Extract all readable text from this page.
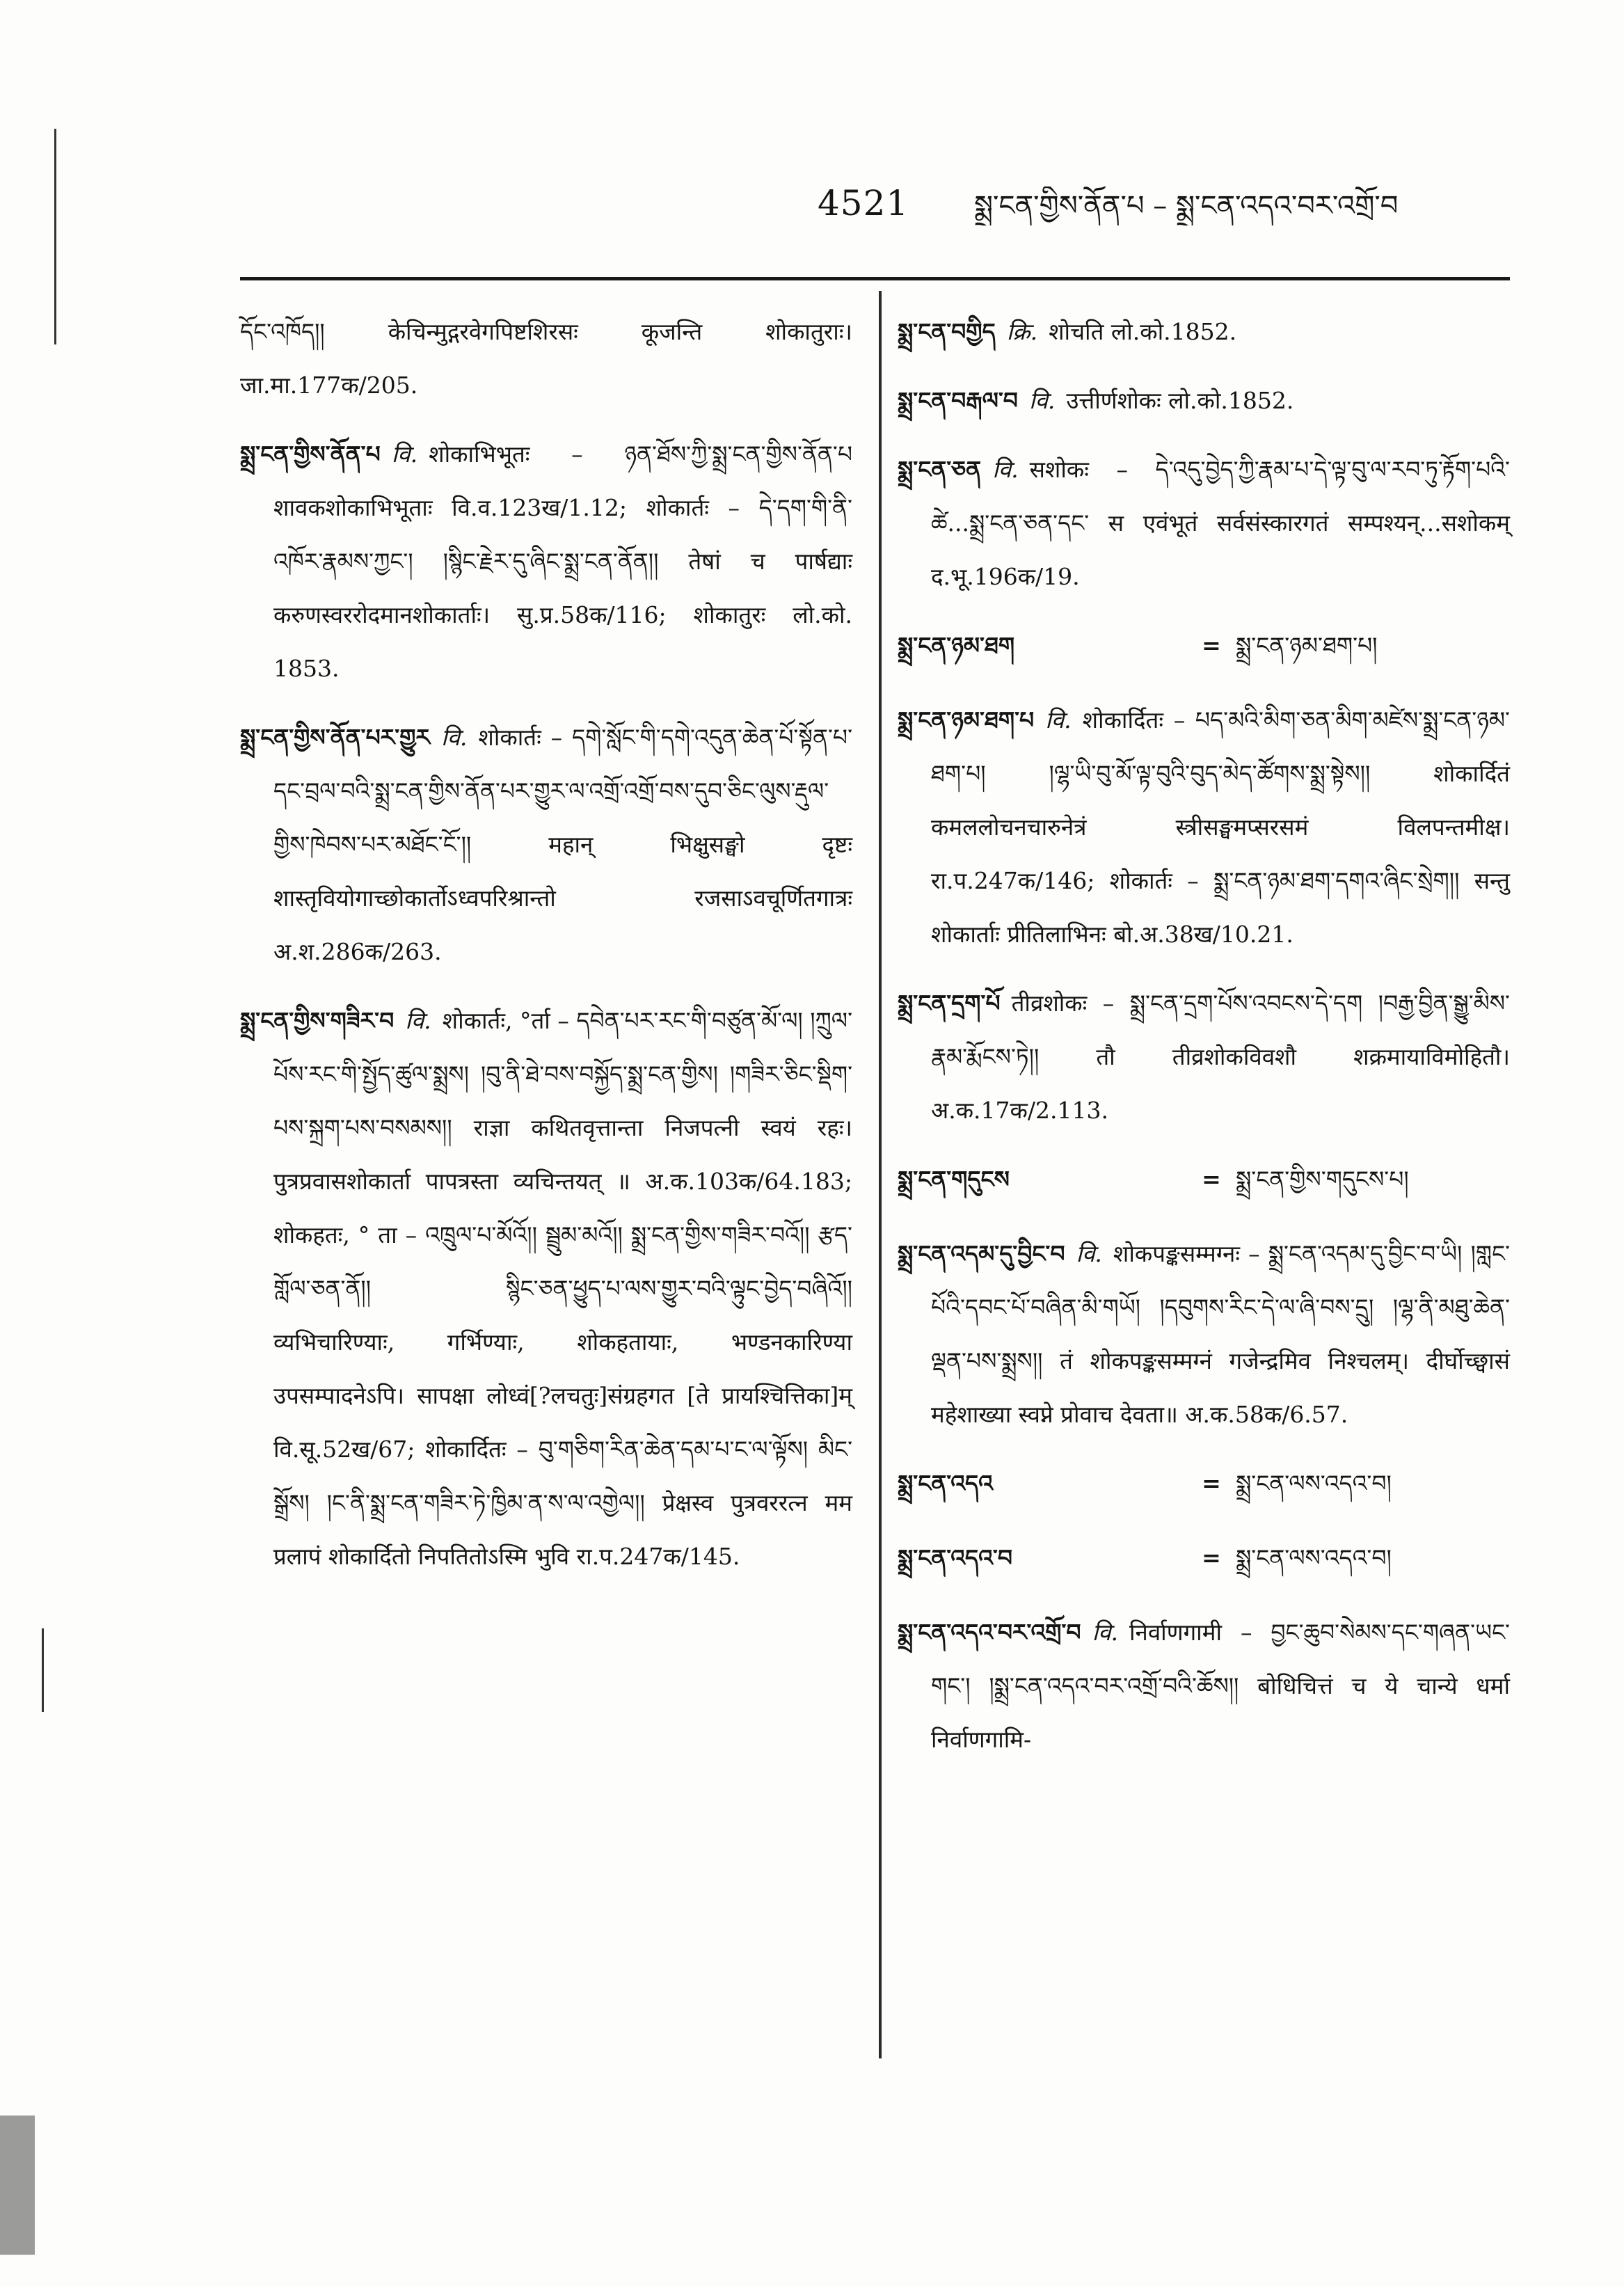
4521 སྨྲ་ངན་གྱིས་ནོན་པ – སྨྲ་ངན་འདའ་བར་འགྲོ་བ
དོང་འཁོད།། केचिन्मुद्गरवेगपिष्टशिरसः कूजन्ति शोकातुराः। जा.मा.177क/205.
སྨྲ་ངན་གྱིས་ནོན་པ वि. शोकाभिभूतः – ཉན་ཐོས་ཀྱི་སྨྲ་ངན་གྱིས་ནོན་པ शावकशोकाभिभूताः वि.व.123ख/1.12; शोकार्तः – དེ་དག་གི་ནི་འཁོར་རྣམས་ཀྱང་། །སྙིང་རྗེར་དུ་ཞིང་སྨྲ་ངན་ནོན།། तेषां च पार्षद्याः करुणस्वररोदमानशोकार्ताः। सु.प्र.58क/116; शोकातुरः लो.को. 1853.
སྨྲ་ངན་གྱིས་ནོན་པར་གྱུར वि. शोकार्तः – དགེ་སློང་གི་དགེ་འདུན་ཆེན་པོ་སྟོན་པ་དང་བྲལ་བའི་སྨྲ་ངན་གྱིས་ནོན་པར་གྱུར་ལ་འགྲོ་འགྲོ་བས་དུབ་ཅིང་ལུས་རྡུལ་གྱིས་ཁེབས་པར་མཐོང་ངོ་།། महान् भिक्षुसङ्घो दृष्टः शास्तृवियोगाच्छोकार्तोऽध्वपरिश्रान्तो रजसाऽवचूर्णितगात्रः अ.श.286क/263.
སྨྲ་ངན་གྱིས་གཟིར་བ वि. शोकार्तः, °र्ता – དབེན་པར་རང་གི་བཙུན་མོ་ལ། །ཀྲུལ་པོས་རང་གི་སྤྱོད་ཚུལ་སྨྲས། །བུ་ནི་ཐེ་བས་བསྐྱོད་སྨྲ་ངན་གྱིས། །གཟིར་ཅིང་སྡིག་པས་སྐྲག་པས་བསམས།། राज्ञा कथितवृत्तान्ता निजपत्नी स्वयं रहः। पुत्रप्रवासशोकार्ता पापत्रस्ता व्यचिन्तयत् ॥ अ.क.103क/64.183; शोकहतः, ° ता – འཁྲུལ་པ་མོའོ།། སྦྲུམ་མའོ།། སྨྲ་ངན་གྱིས་གཟིར་བའོ།། རྩད་གློལ་ཅན་ནོ།། སྙིང་ཅན་ཕྱུད་པ་ལས་གྱུར་བའི་ལྟུང་བྱེད་བཞིའོ།། व्यभिचारिण्याः, गर्भिण्याः, शोकहतायाः, भण्डनकारिण्या उपसम्पादनेऽपि। सापक्षा लोध्वं[?लचतुः]संग्रहगत [ते प्रायश्चित्तिका]म् वि.सू.52ख/67; शोकार्दितः – བུ་གཅིག་རིན་ཆེན་དམ་པ་ང་ལ་ལྟོས། མིང་སྒྲོས། །ང་ནི་སྨྲ་ངན་གཟིར་ཏེ་ཁྱིམ་ན་ས་ལ་འགྱེལ།། प्रेक्षस्व पुत्रवररत्न मम प्रलापं शोकार्दितो निपतितोऽस्मि भुवि रा.प.247क/145.
སྨྲ་ངན་བགྱིད क्रि. शोचति लो.को.1852.
སྨྲ་ངན་བརྒལ་བ वि. उत्तीर्णशोकः लो.को.1852.
སྨྲ་ངན་ཅན वि. सशोकः – དེ་འདུ་བྱེད་ཀྱི་རྣམ་པ་དེ་ལྟ་བུ་ལ་རབ་ཏུ་རྟོག་པའི་ཚེ...སྨྲ་ངན་ཅན་དང་ स एवंभूतं सर्वसंस्कारगतं सम्पश्यन्...सशोकम् द.भू.196क/19.
སྨྲ་ངན་ཉམ་ཐག	= སྨྲ་ངན་ཉམ་ཐག་པ།
སྨྲ་ངན་ཉམ་ཐག་པ वि. शोकार्दितः – པད་མའི་མིག་ཅན་མིག་མཛེས་སྨྲ་ངན་ཉམ་ཐག་པ། །ལྷ་ཡི་བུ་མོ་ལྟ་བུའི་བུད་མེད་ཚོགས་སྨྲ་སྟེས།། शोकार्दितं कमललोचनचारुनेत्रं स्त्रीसङ्घमप्सरसमं विलपन्तमीक्ष। रा.प.247क/146; शोकार्तः – སྨྲ་ངན་ཉམ་ཐག་དགའ་ཞིང་སྲེག།། सन्तु शोकार्ताः प्रीतिलाभिनः बो.अ.38ख/10.21.
སྨྲ་ངན་དྲག་པོ तीव्रशोकः – སྨྲ་ངན་དྲག་པོས་འབངས་དེ་དག །བརྒྱ་བྱིན་སྒྱུ་མིས་རྣམ་རྨོངས་ཏེ།། तौ तीव्रशोकविवशौ शक्रमायाविमोहितौ। अ.क.17क/2.113.
སྨྲ་ངན་གདུངས	= སྨྲ་ངན་གྱིས་གདུངས་པ།
སྨྲ་ངན་འདམ་དུ་བྱིང་བ वि. शोकपङ्कसम्मग्नः – སྨྲ་ངན་འདམ་དུ་བྱིང་བ་ཡི། །གླང་པོའི་དབང་པོ་བཞིན་མི་གཡོ། །དབུགས་རིང་དེ་ལ་ཞི་བས་དྲུ། །ལྷ་ནི་མཐུ་ཆེན་ལྡན་པས་སྨྲས།། तं शोकपङ्कसम्मग्नं गजेन्द्रमिव निश्चलम्। दीर्घोच्छ्वासं महेशाख्या स्वप्ने प्रोवाच देवता॥ अ.क.58क/6.57.
སྨྲ་ངན་འདའ	= སྨྲ་ངན་ལས་འདའ་བ།
སྨྲ་ངན་འདའ་བ	= སྨྲ་ངན་ལས་འདའ་བ།
སྨྲ་ངན་འདའ་བར་འགྲོ་བ वि. निर्वाणगामी – བྱང་ཆུབ་སེམས་དང་གཞན་ཡང་གང་། །སྨྲ་ངན་འདའ་བར་འགྲོ་བའི་ཆོས།། बोधिचित्तं च ये चान्ये धर्मा निर्वाणगामि-
